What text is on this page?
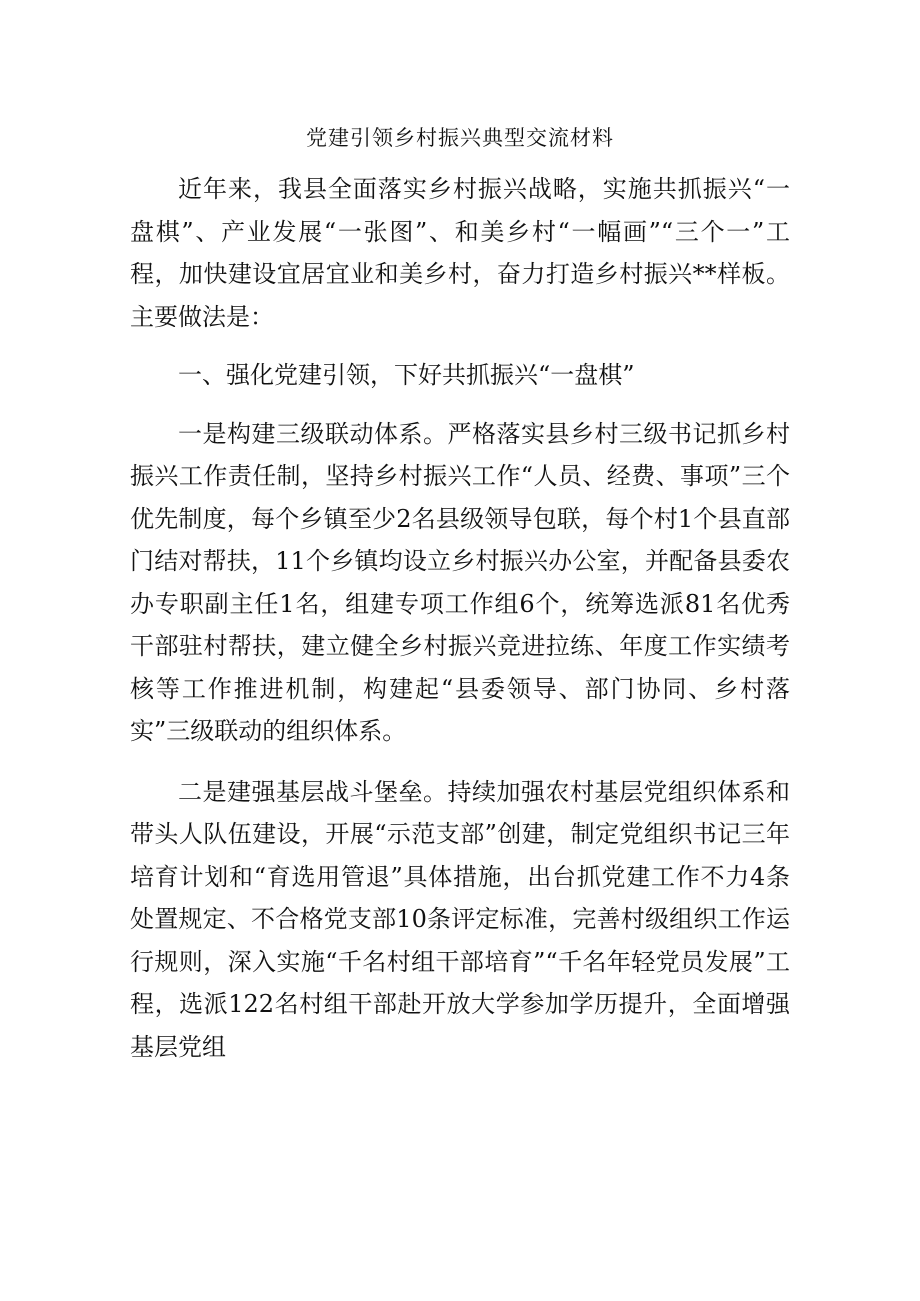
党建引领乡村振兴典型交流材料

近年来，我县全面落实乡村振兴战略，实施共抓振兴“一盘棋”、产业发展“一张图”、和美乡村“一幅画”“三个一”工程，加快建设宜居宜业和美乡村，奋力打造乡村振兴**样板。主要做法是：

一、强化党建引领，下好共抓振兴“一盘棋”

一是构建三级联动体系。严格落实县乡村三级书记抓乡村振兴工作责任制，坚持乡村振兴工作“人员、经费、事项”三个优先制度，每个乡镇至少2名县级领导包联，每个村1个县直部门结对帮扶，11个乡镇均设立乡村振兴办公室，并配备县委农办专职副主任1名，组建专项工作组6个，统筹选派81名优秀干部驻村帮扶，建立健全乡村振兴竞进拉练、年度工作实绩考核等工作推进机制，构建起“县委领导、部门协同、乡村落实”三级联动的组织体系。

二是建强基层战斗堡垒。持续加强农村基层党组织体系和带头人队伍建设，开展“示范支部”创建，制定党组织书记三年培育计划和“育选用管退”具体措施，出台抓党建工作不力4条处置规定、不合格党支部10条评定标准，完善村级组织工作运行规则，深入实施“千名村组干部培育”“千名年轻党员发展”工程，选派122名村组干部赴开放大学参加学历提升，全面增强基层党组
